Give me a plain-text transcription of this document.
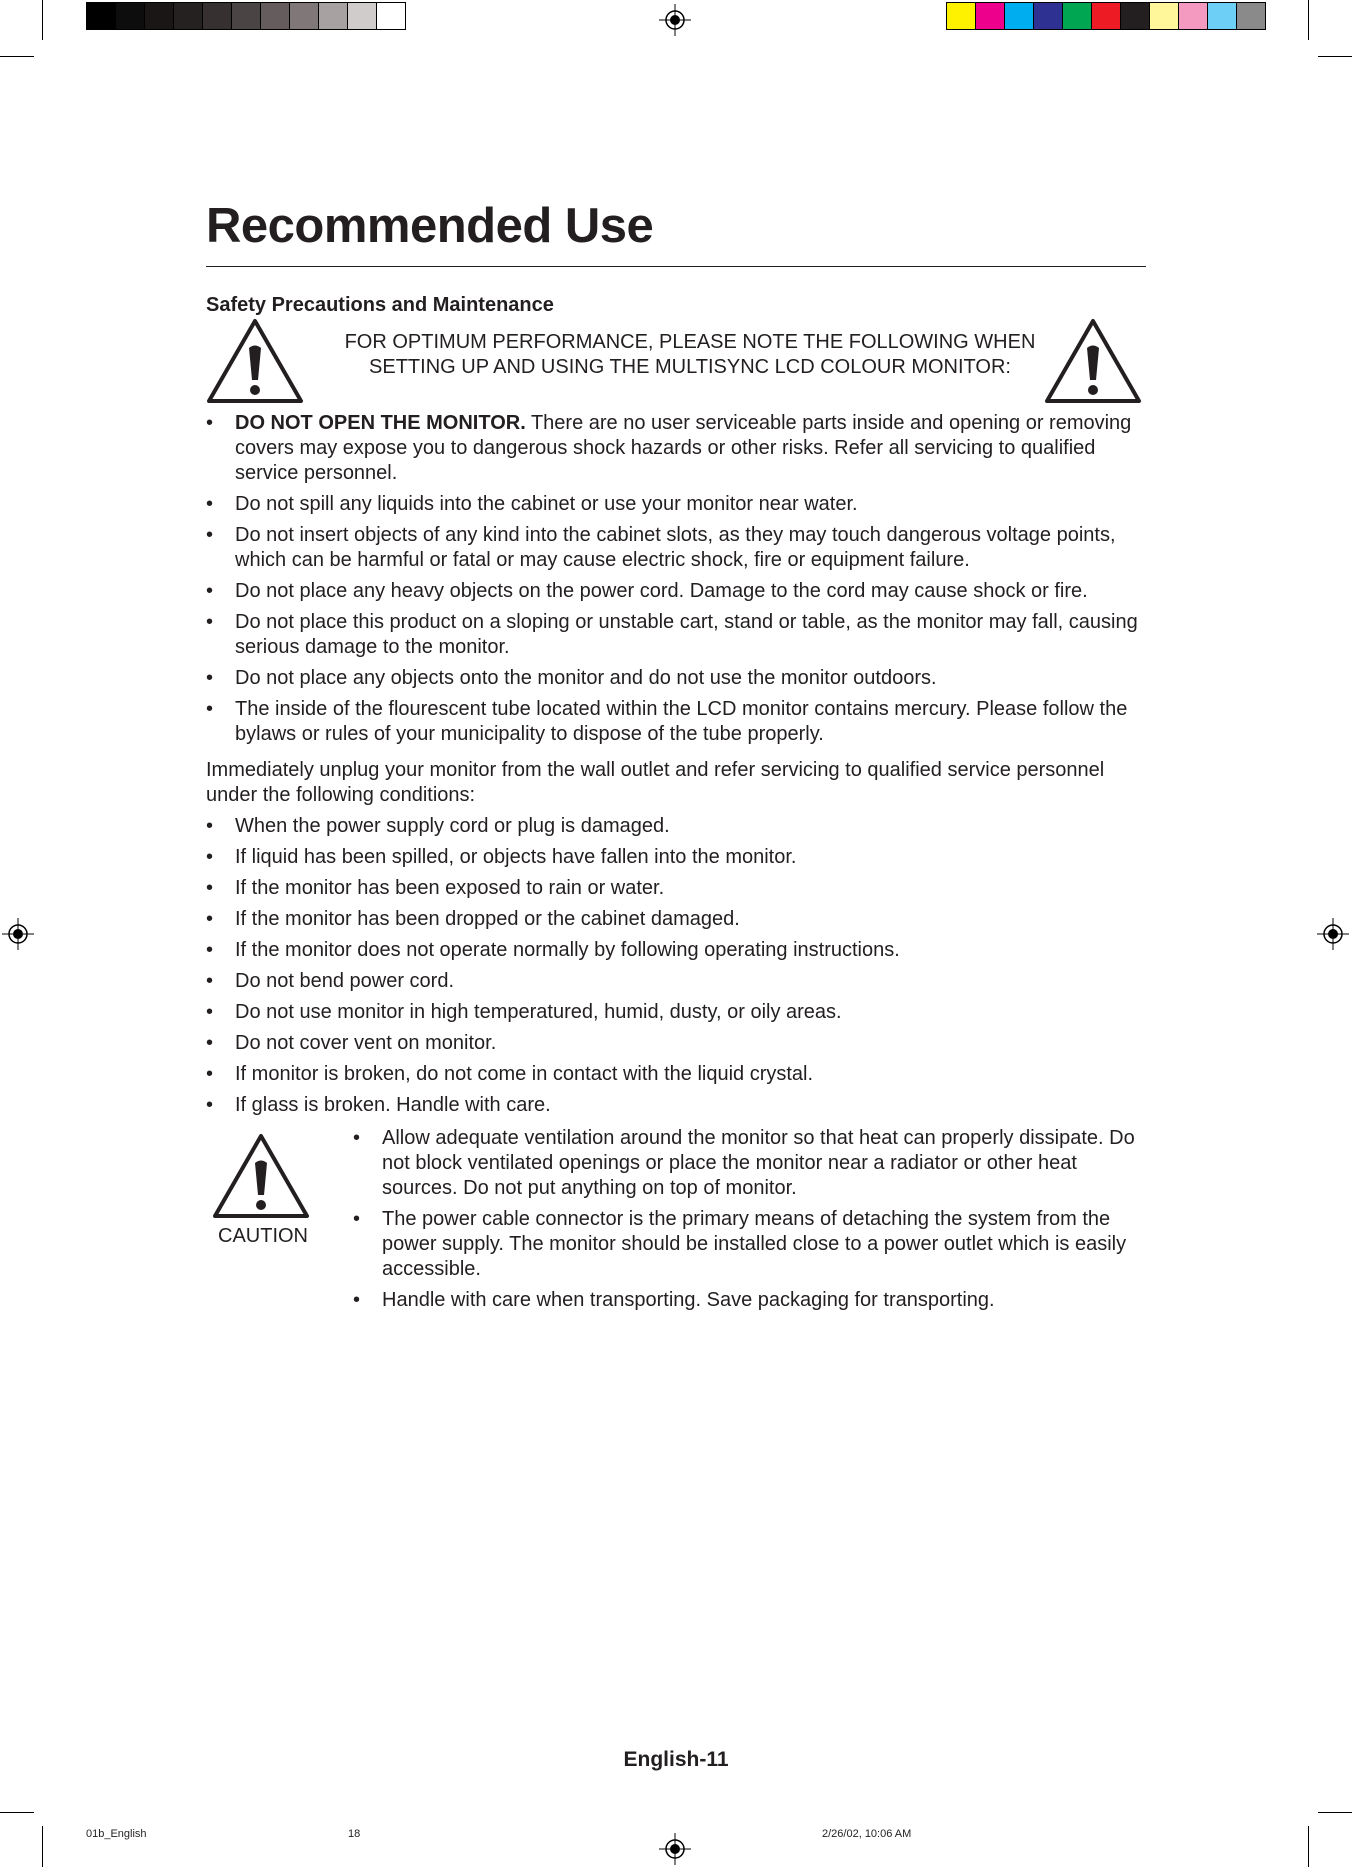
Recommended Use
Safety Precautions and Maintenance
FOR OPTIMUM PERFORMANCE, PLEASE NOTE THE FOLLOWING WHEN
SETTING UP AND USING THE MULTISYNC LCD COLOUR MONITOR:
• DO NOT OPEN THE MONITOR. There are no user serviceable parts inside and opening or removing covers may expose you to dangerous shock hazards or other risks. Refer all servicing to qualified service personnel.
• Do not spill any liquids into the cabinet or use your monitor near water.
• Do not insert objects of any kind into the cabinet slots, as they may touch dangerous voltage points, which can be harmful or fatal or may cause electric shock, fire or equipment failure.
• Do not place any heavy objects on the power cord. Damage to the cord may cause shock or fire.
• Do not place this product on a sloping or unstable cart, stand or table, as the monitor may fall, causing serious damage to the monitor.
• Do not place any objects onto the monitor and do not use the monitor outdoors.
• The inside of the flourescent tube located within the LCD monitor contains mercury. Please follow the bylaws or rules of your municipality to dispose of the tube properly.

Immediately unplug your monitor from the wall outlet and refer servicing to qualified service personnel under the following conditions:

• When the power supply cord or plug is damaged.
• If liquid has been spilled, or objects have fallen into the monitor.
• If the monitor has been exposed to rain or water.
• If the monitor has been dropped or the cabinet damaged.
• If the monitor does not operate normally by following operating instructions.
• Do not bend power cord.
• Do not use monitor in high temperatured, humid, dusty, or oily areas.
• Do not cover vent on monitor.
• If monitor is broken, do not come in contact with the liquid crystal.
• If glass is broken. Handle with care.
CAUTION
• Allow adequate ventilation around the monitor so that heat can properly dissipate. Do not block ventilated openings or place the monitor near a radiator or other heat sources. Do not put anything on top of monitor.
• The power cable connector is the primary means of detaching the system from the power supply. The monitor should be installed close to a power outlet which is easily accessible.
• Handle with care when transporting. Save packaging for transporting.
English-11
01b_English	18	2/26/02, 10:06 AM
